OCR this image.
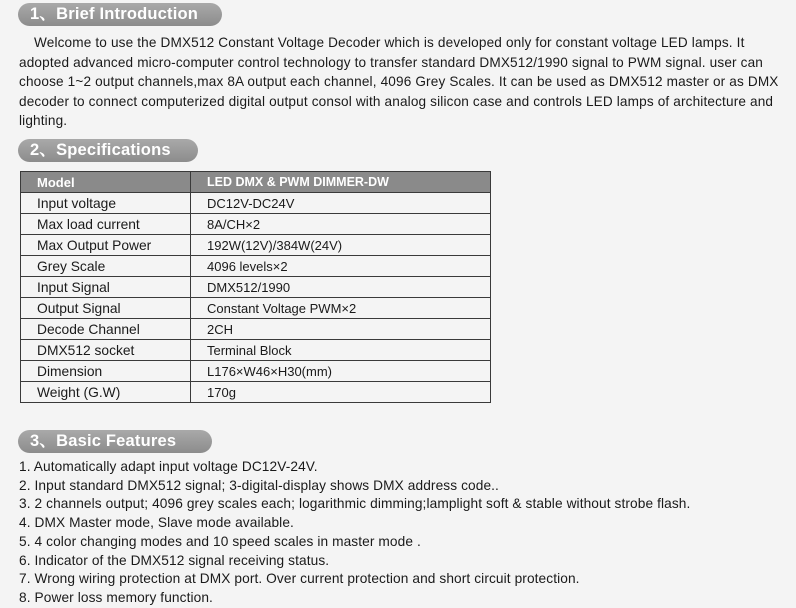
1、Brief Introduction

Welcome to use the DMX512 Constant Voltage Decoder which is developed only for constant voltage LED lamps. It adopted advanced micro-computer control technology to transfer standard DMX512/1990 signal to PWM signal. user can choose 1~2 output channels,max 8A output each channel, 4096 Grey Scales. It can be used as DMX512 master or as DMX decoder to connect computerized digital output consol with analog silicon case and controls LED lamps of architecture and lighting.

2、Specifications
Model	LED DMX & PWM DIMMER-DW
Input voltage	DC12V-DC24V
Max load current	8A/CH×2
Max Output Power	192W(12V)/384W(24V)
Grey Scale	4096 levels×2
Input Signal	DMX512/1990
Output Signal	Constant Voltage PWM×2
Decode Channel	2CH
DMX512 socket	Terminal Block
Dimension	L176×W46×H30(mm)
Weight (G.W)	170g
3、Basic Features
1. Automatically adapt input voltage DC12V-24V.
2. Input standard DMX512 signal; 3-digital-display shows DMX address code..
3. 2 channels output; 4096 grey scales each; logarithmic dimming;lamplight soft & stable without strobe flash.
4. DMX Master mode, Slave mode available.
5. 4 color changing modes and 10 speed scales in master mode .
6. Indicator of the DMX512 signal receiving status.
7. Wrong wiring protection at DMX port. Over current protection and short circuit protection.
8. Power loss memory function.
